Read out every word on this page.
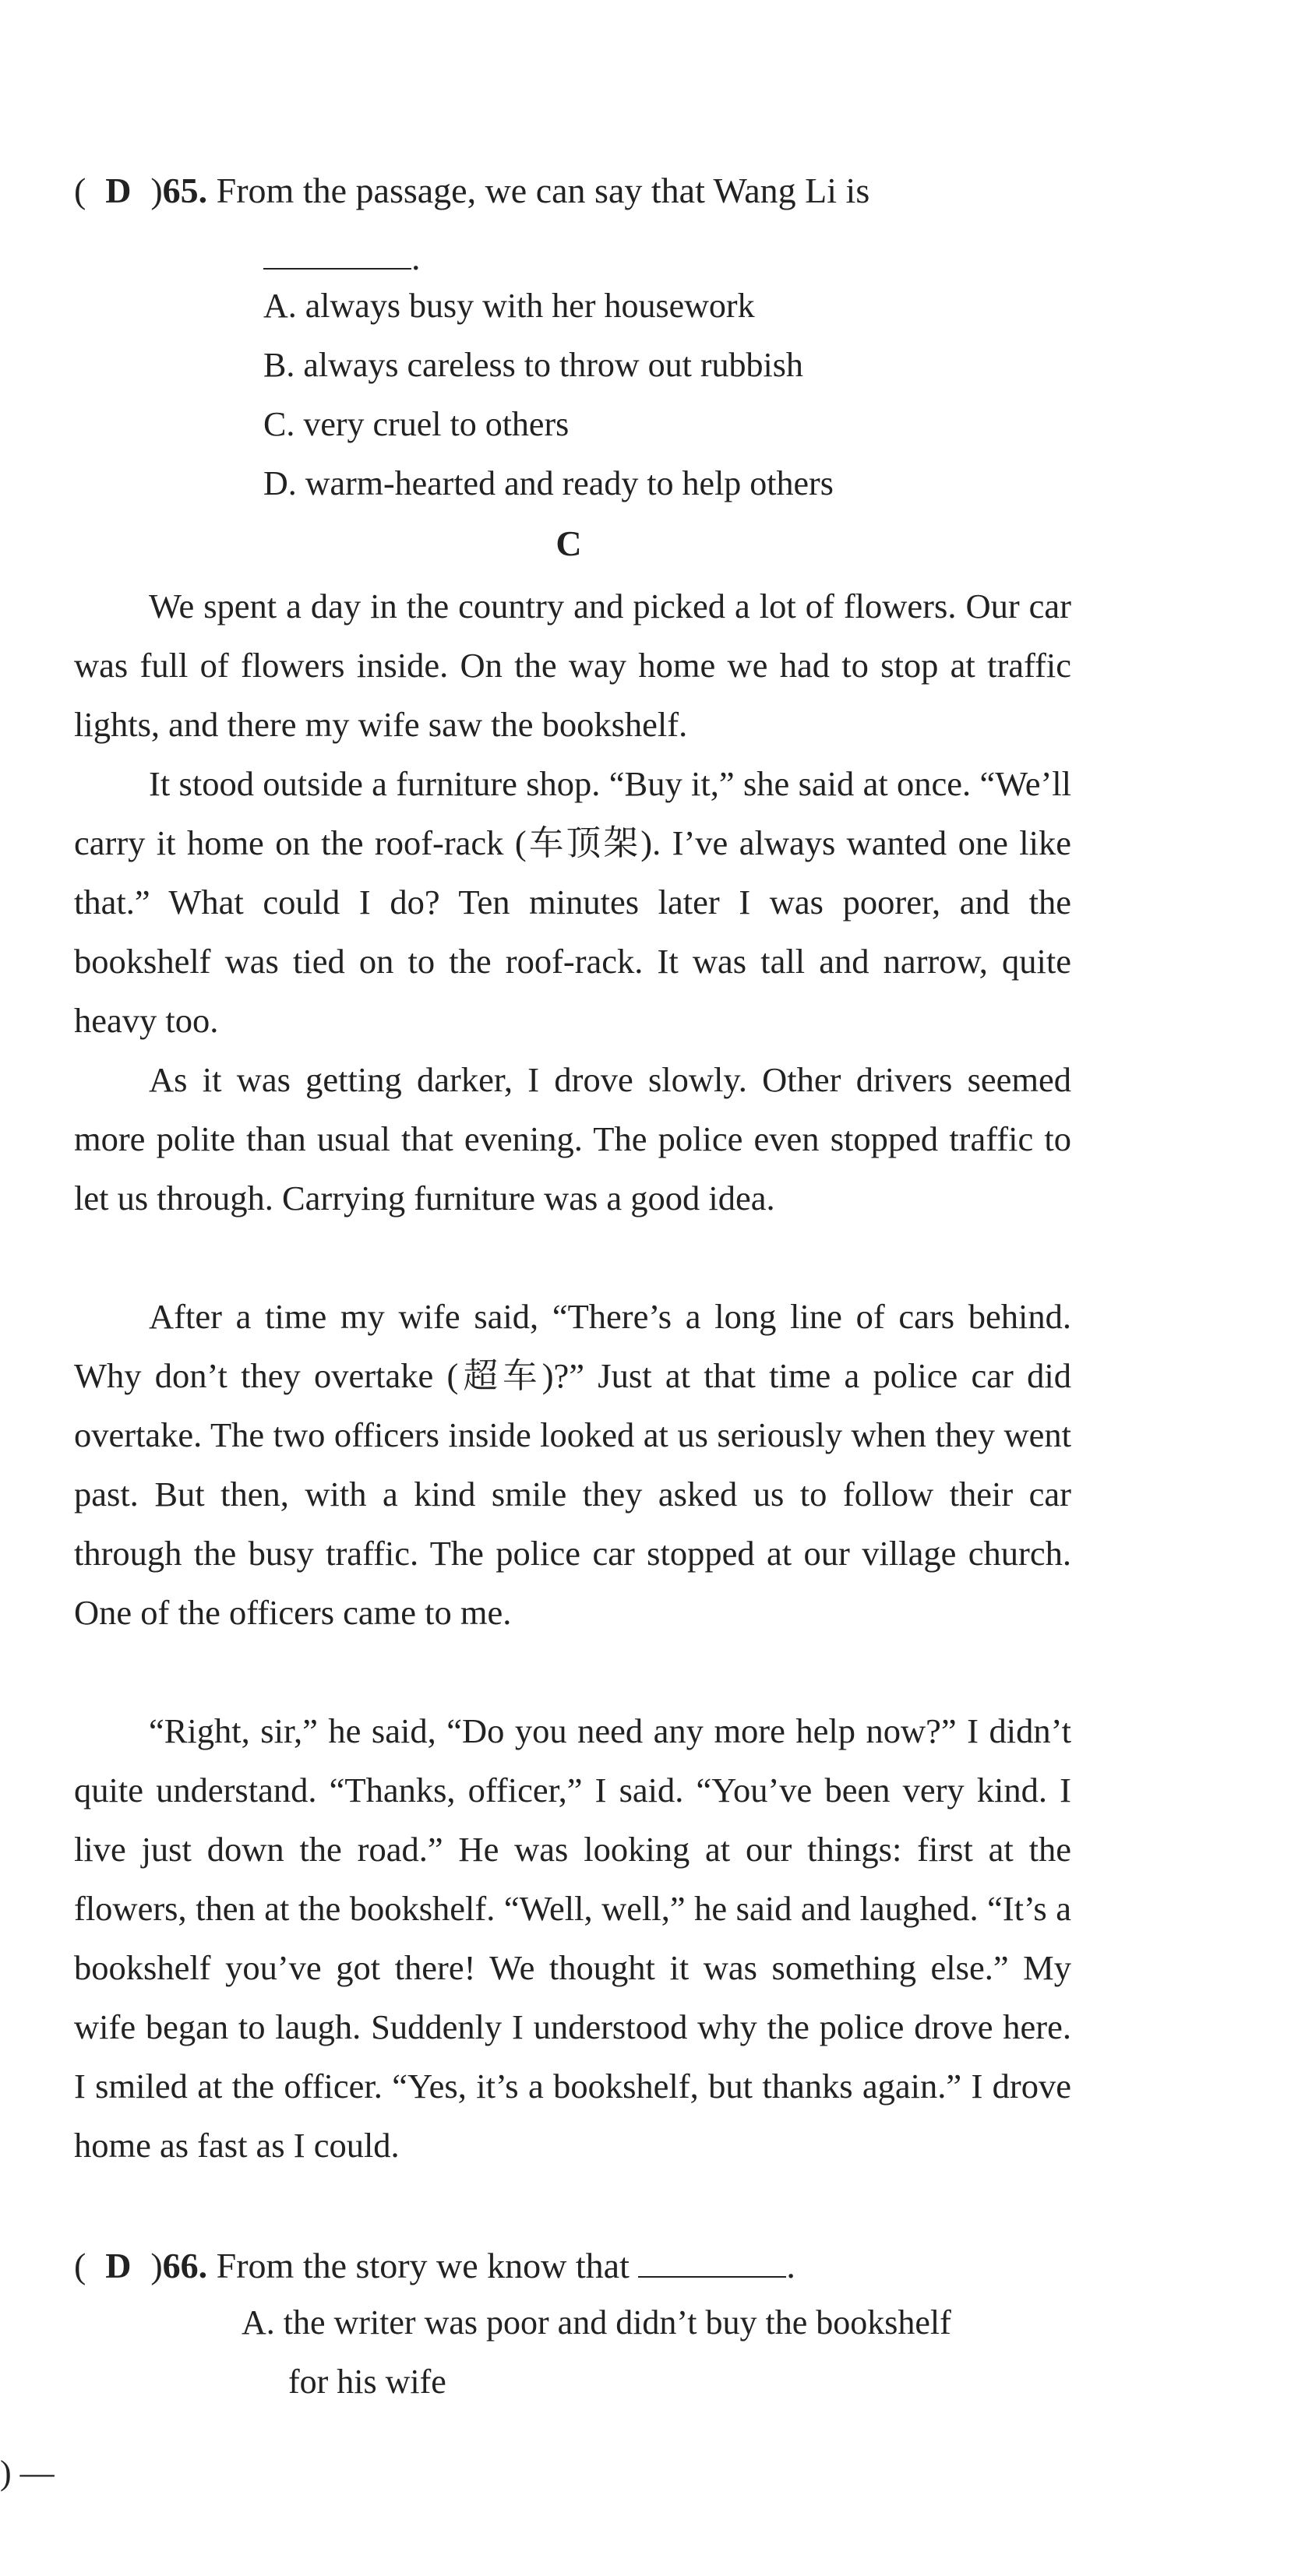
( D )65. From the passage, we can say that Wang Li is
.
A. always busy with her housework
B. always careless to throw out rubbish
C. very cruel to others
D. warm-hearted and ready to help others
C

We spent a day in the country and picked a lot of flowers. Our car was full of flowers inside. On the way home we had to stop at traffic lights, and there my wife saw the bookshelf.

It stood outside a furniture shop. “Buy it,” she said at once. “We’ll carry it home on the roof-rack (车顶架). I’ve always wanted one like that.” What could I do? Ten minutes later I was poorer, and the bookshelf was tied on to the roof-rack. It was tall and narrow, quite heavy too.

As it was getting darker, I drove slowly. Other drivers seemed more polite than usual that evening. The police even stopped traffic to let us through. Carrying furniture was a good idea.

After a time my wife said, “There’s a long line of cars behind. Why don’t they overtake (超车)?” Just at that time a police car did overtake. The two officers inside looked at us seriously when they went past. But then, with a kind smile they asked us to follow their car through the busy traffic. The police car stopped at our village church. One of the officers came to me.

“Right, sir,” he said, “Do you need any more help now?” I didn’t quite understand. “Thanks, officer,” I said. “You’ve been very kind. I live just down the road.” He was looking at our things: first at the flowers, then at the bookshelf. “Well, well,” he said and laughed. “It’s a bookshelf you’ve got there! We thought it was something else.” My wife began to laugh. Suddenly I understood why the police drove here. I smiled at the officer. “Yes, it’s a bookshelf, but thanks again.” I drove home as fast as I could.

( D )66. From the story we know that	.
A. the writer was poor and didn’t buy the bookshelf
for his wife
) —
